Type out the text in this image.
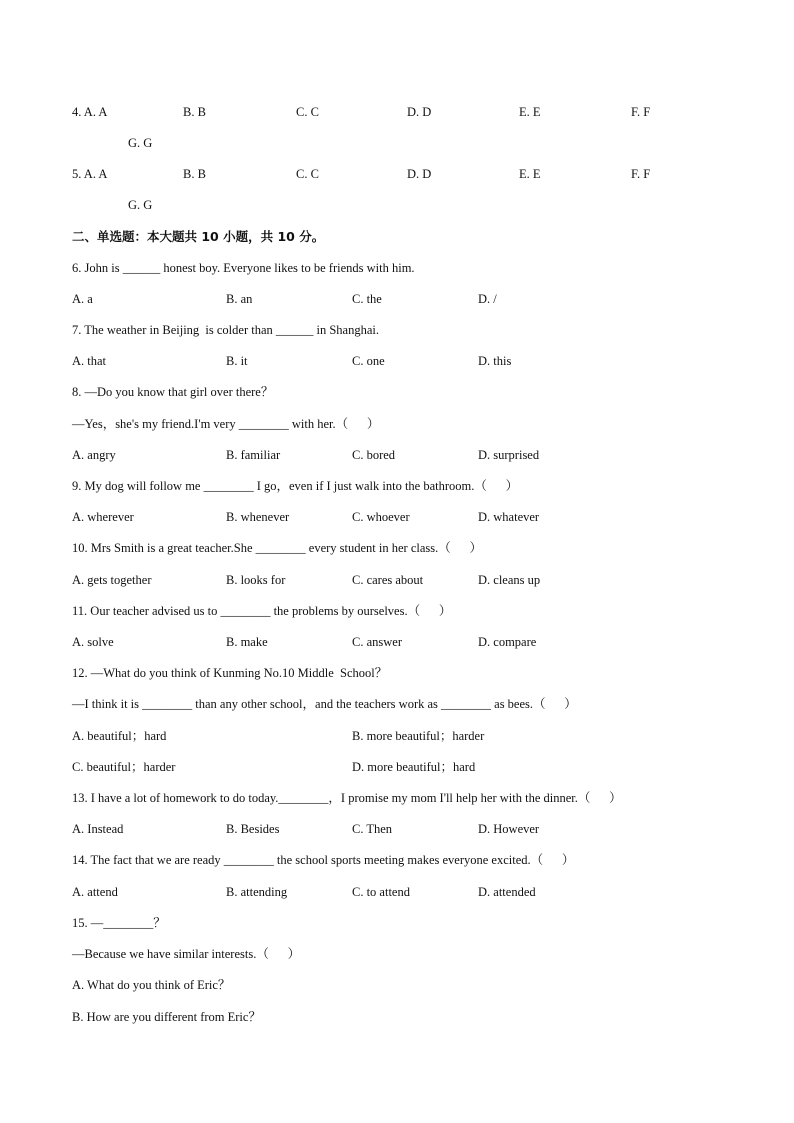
4. A. A	B. B	C. C	D. D	E. E	F. F
G. G
5. A. A	B. B	C. C	D. D	E. E	F. F
G. G
二、单选题：本大题共 10 小题，共 10 分。
6. John is ______ honest boy. Everyone likes to be friends with him.
A. a	B. an	C. the	D. /
7. The weather in Beijing  is colder than ______ in Shanghai.
A. that	B. it	C. one	D. this
8. —Do you know that girl over there？
—Yes，she's my friend.I'm very ________ with her.（      ）
A. angry	B. familiar	C. bored	D. surprised
9. My dog will follow me ________ I go，even if I just walk into the bathroom.（      ）
A. wherever	B. whenever	C. whoever	D. whatever
10. Mrs Smith is a great teacher.She ________ every student in her class.（      ）
A. gets together	B. looks for	C. cares about	D. cleans up
11. Our teacher advised us to ________ the problems by ourselves.（      ）
A. solve	B. make	C. answer	D. compare
12. —What do you think of Kunming No.10 Middle  School？
—I think it is ________ than any other school，and the teachers work as ________ as bees.（      ）
A. beautiful；hard	B. more beautiful；harder
C. beautiful；harder	D. more beautiful；hard
13. I have a lot of homework to do today.________，I promise my mom I'll help her with the dinner.（      ）
A. Instead	B. Besides	C. Then	D. However
14. The fact that we are ready ________ the school sports meeting makes everyone excited.（      ）
A. attend	B. attending	C. to attend	D. attended
15. —________？
—Because we have similar interests.（      ）
A. What do you think of Eric？
B. How are you different from Eric？
